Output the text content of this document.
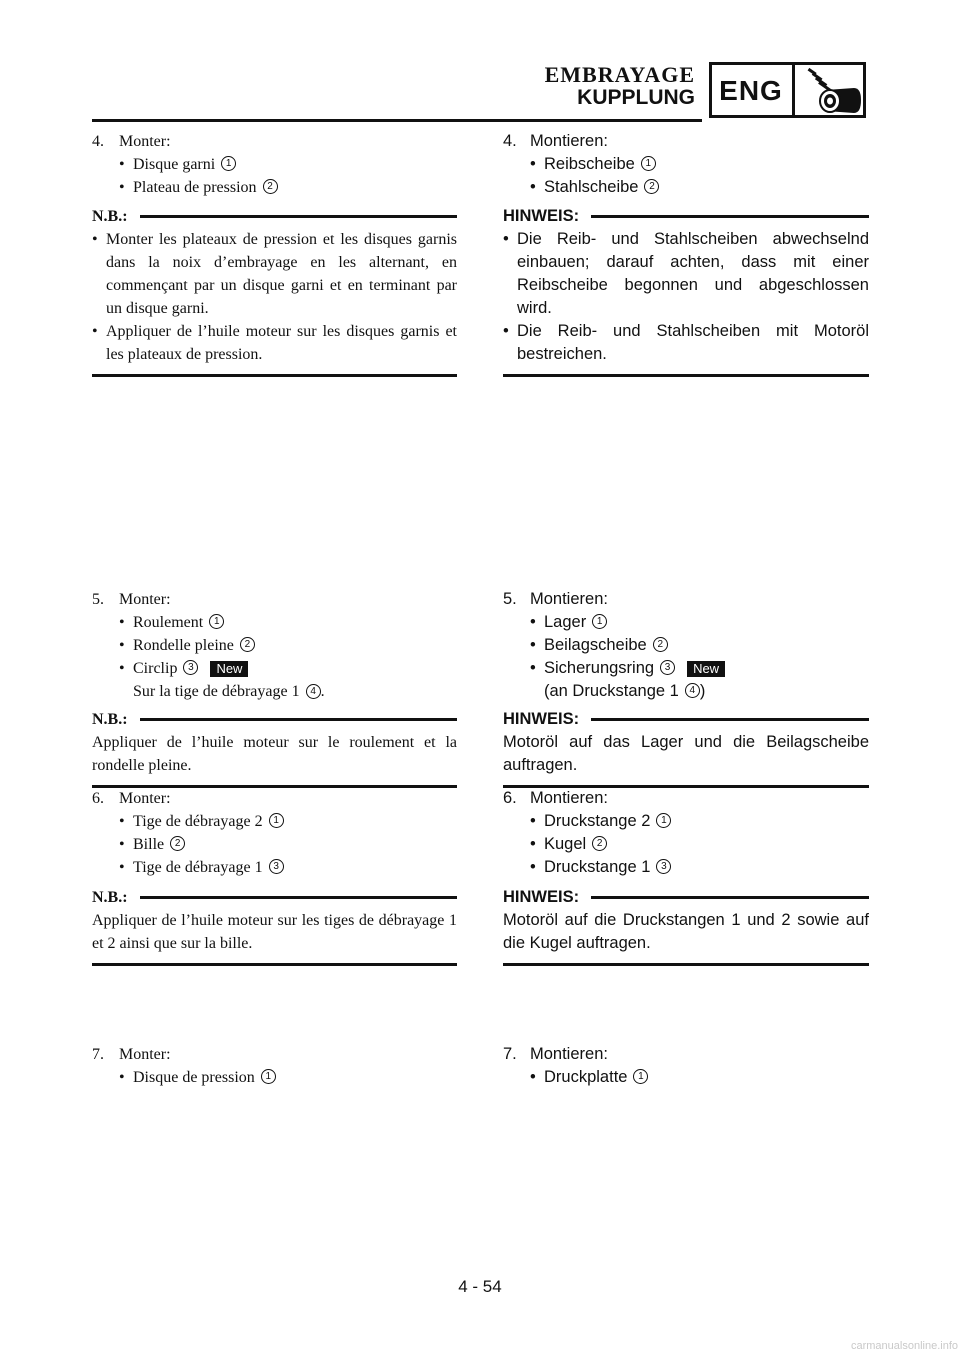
EMBRAYAGE
KUPPLUNG ENG
4. Monter:
• Disque garni	1
• Plateau de pression	2
N.B.:
• Monter les plateaux de pression et les disques garnis dans la noix d’embrayage en les alternant, en commençant par un disque garni et en terminant par un disque garni.
• Appliquer de l’huile moteur sur les disques garnis et les plateaux de pression.
5. Monter:
• Roulement	1
• Rondelle pleine	2
• Circlip	3	New
Sur la tige de débrayage 1 4 .
N.B.:
Appliquer de l’huile moteur sur le roulement et la rondelle pleine.
6. Monter:
• Tige de débrayage 2	1
• Bille	2
• Tige de débrayage 1	3
N.B.:
Appliquer de l’huile moteur sur les tiges de débrayage 1 et 2 ainsi que sur la bille.
7. Monter:
• Disque de pression	1
4. Montieren:
• Reibscheibe	1
• Stahlscheibe	2
HINWEIS:
• Die Reib- und Stahlscheiben abwechselnd einbauen; darauf achten, dass mit einer Reibscheibe begonnen und abgeschlossen wird.
• Die Reib- und Stahlscheiben mit Motoröl bestreichen.
5. Montieren:
• Lager	1
• Beilagscheibe	2
• Sicherungsring	3	New
(an Druckstange 1 4 )
HINWEIS:
Motoröl auf das Lager und die Beilagscheibe auftragen.
6. Montieren:
• Druckstange 2	1
• Kugel	2
• Druckstange 1	3
HINWEIS:
Motoröl auf die Druckstangen 1 und 2 sowie auf die Kugel auftragen.
7. Montieren:
• Druckplatte	1
4 - 54
carmanualsonline.info
